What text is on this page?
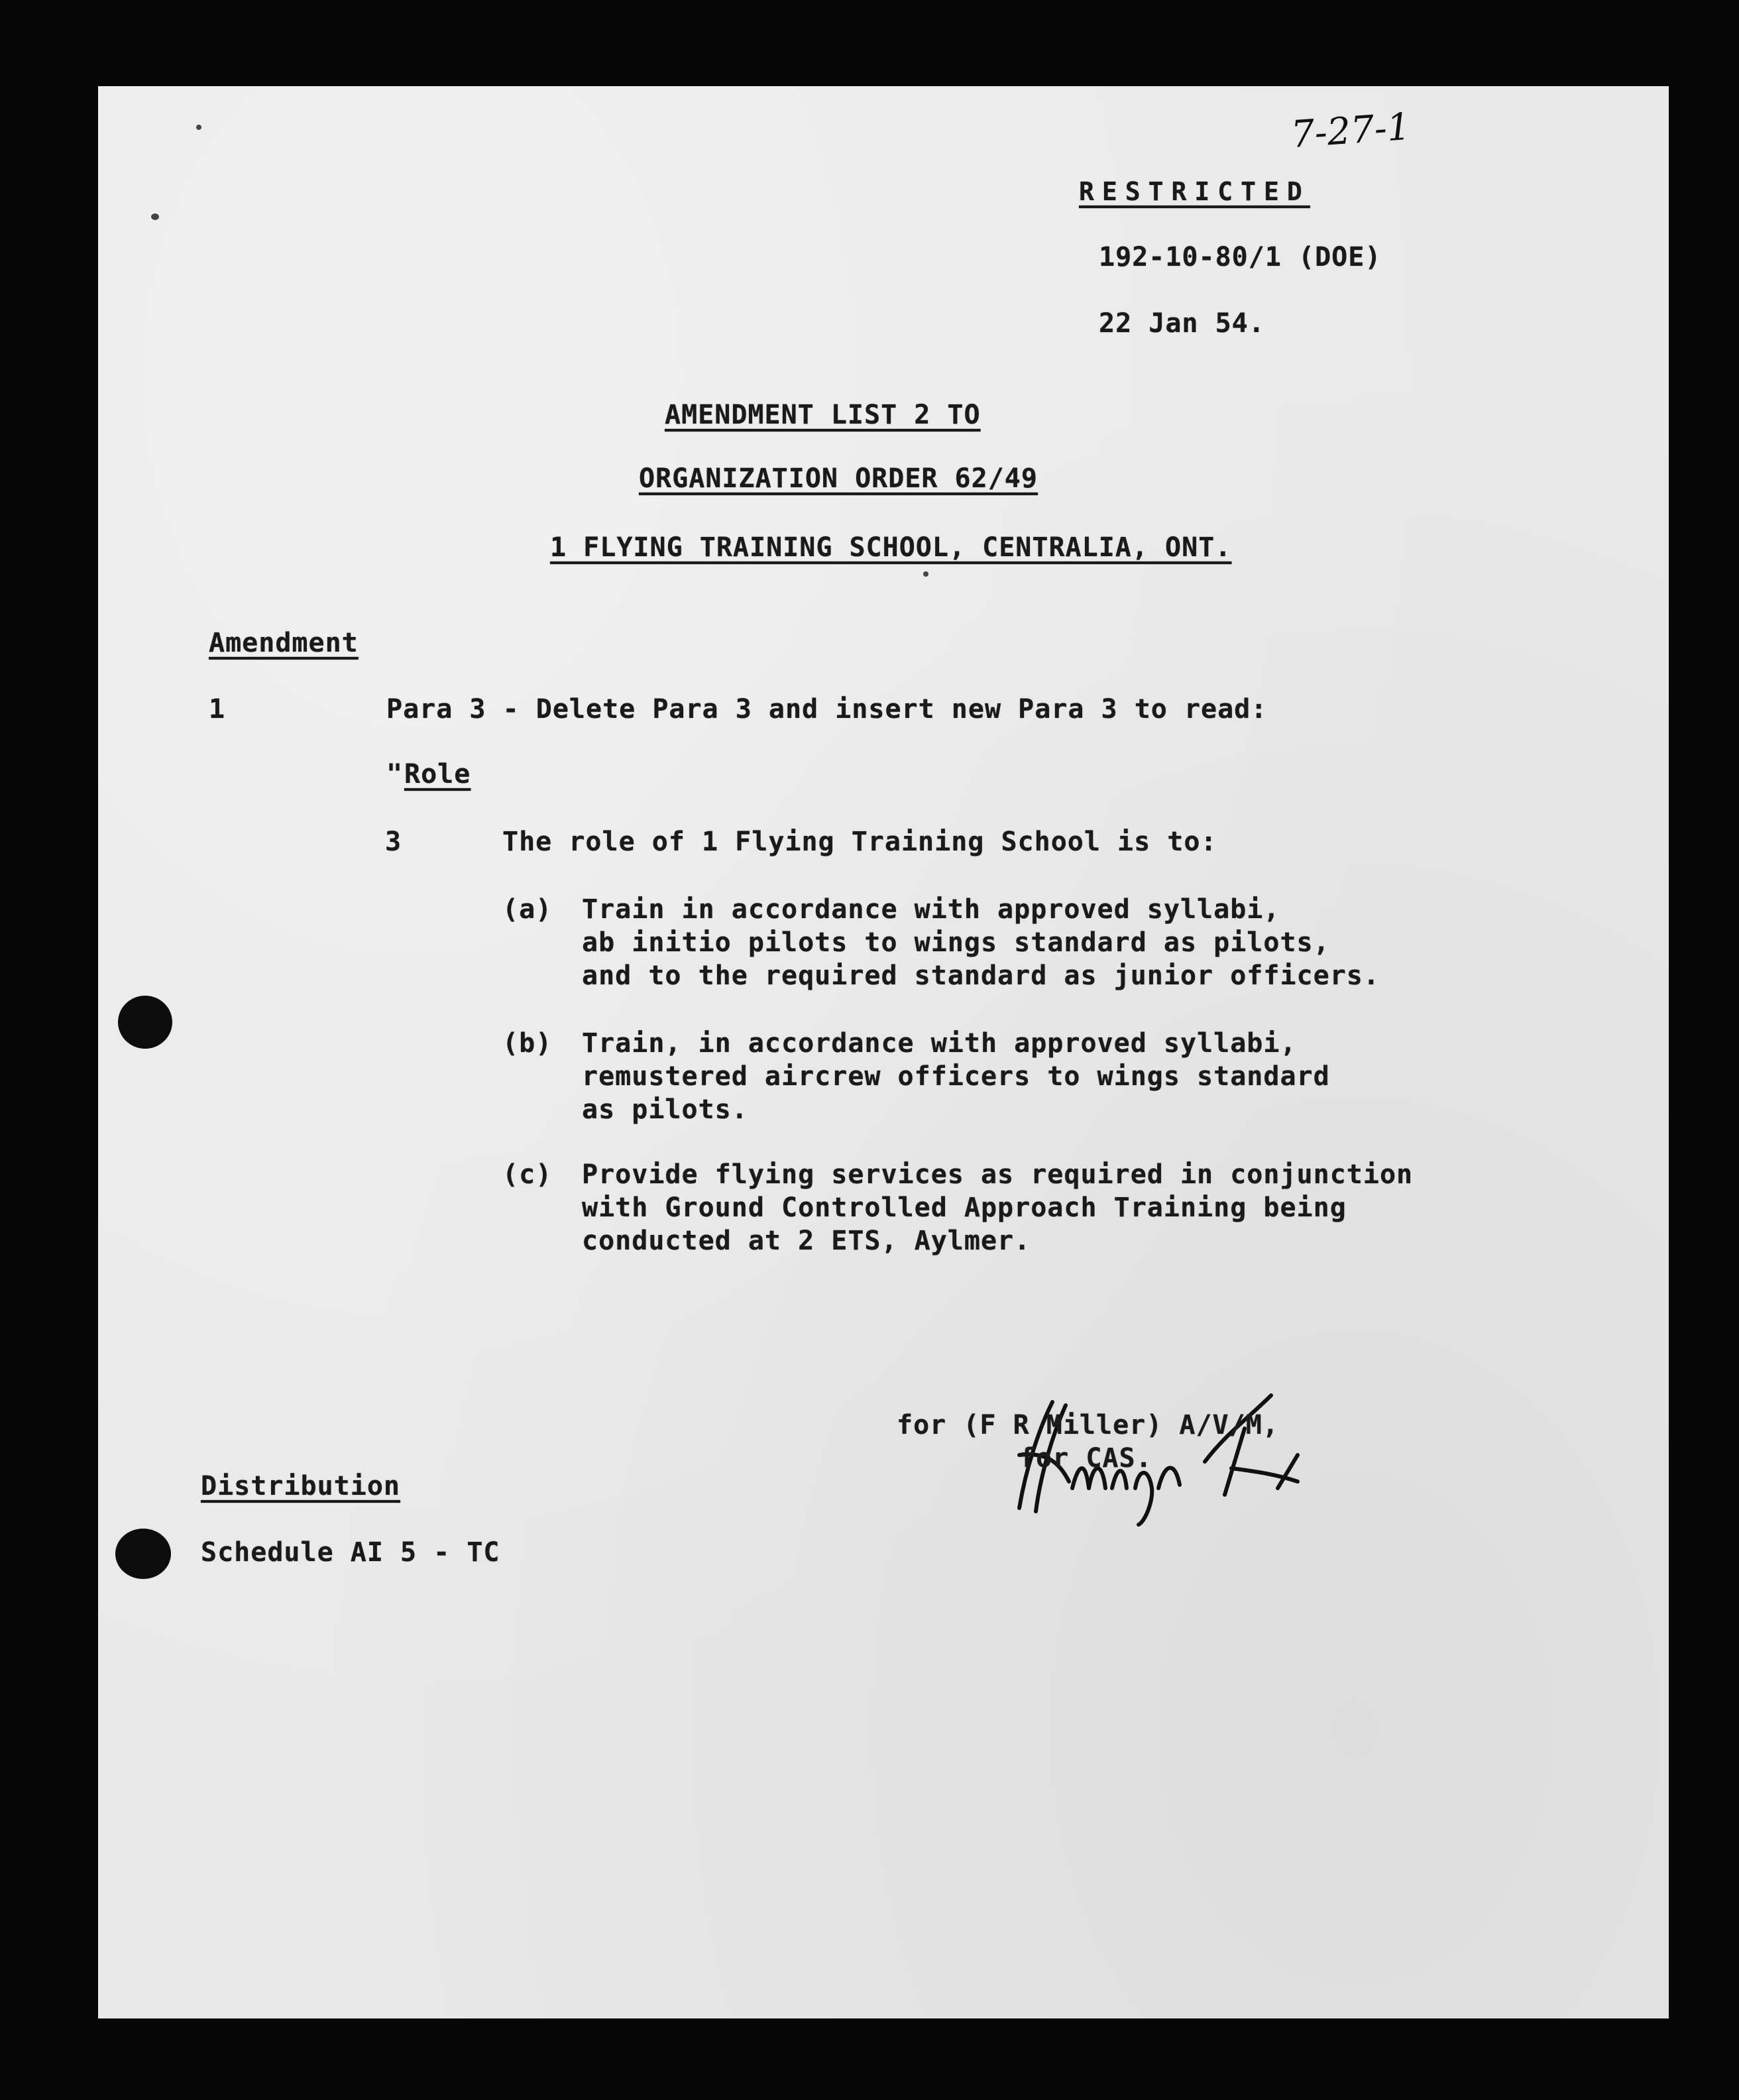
7-27-1
RESTRICTED
192-10-80/1 (DOE)
22 Jan 54.
AMENDMENT LIST 2 TO
ORGANIZATION ORDER 62/49
1 FLYING TRAINING SCHOOL, CENTRALIA, ONT.
Amendment
1	Para 3 - Delete Para 3 and insert new Para 3 to read:
" Role
3	The role of 1 Flying Training School is to:
(a) Train in accordance with approved syllabi,
ab initio pilots to wings standard as pilots,
and to the required standard as junior officers.
(b) Train, in accordance with approved syllabi,
remustered aircrew officers to wings standard
as pilots.
(c) Provide flying services as required in conjunction
with Ground Controlled Approach Training being
conducted at 2 ETS, Aylmer.
for (F R Miller) A/V/M,
for CAS.
Distribution
Schedule AI 5 - TC
